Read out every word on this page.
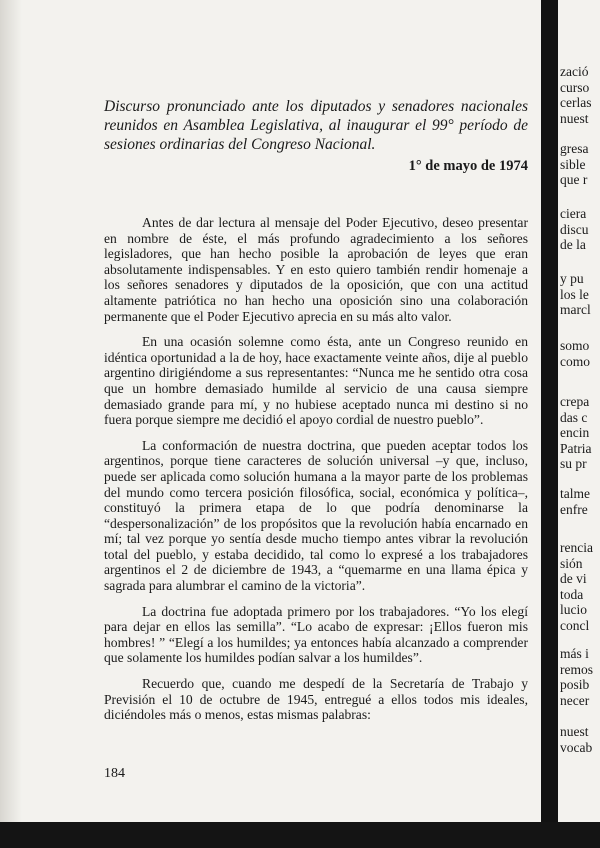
Discurso pronunciado ante los diputados y senadores nacionales reunidos en Asamblea Legislativa, al inaugurar el 99° período de sesiones ordinarias del Congreso Nacional.

1° de mayo de 1974

Antes de dar lectura al mensaje del Poder Ejecutivo, deseo presentar en nombre de éste, el más profundo agradecimiento a los señores legisladores, que han hecho posible la aprobación de leyes que eran absolutamente indispensables. Y en esto quiero también rendir homenaje a los señores senadores y diputados de la oposición, que con una actitud altamente patriótica no han hecho una oposición sino una colaboración permanente que el Poder Ejecutivo aprecia en su más alto valor.

En una ocasión solemne como ésta, ante un Congreso reunido en idéntica oportunidad a la de hoy, hace exactamente veinte años, dije al pueblo argentino dirigiéndome a sus representantes: “Nunca me he sentido otra cosa que un hombre demasiado humilde al servicio de una causa siempre demasiado grande para mí, y no hubiese aceptado nunca mi destino si no fuera porque siempre me decidió el apoyo cordial de nuestro pueblo”.

La conformación de nuestra doctrina, que pueden aceptar todos los argentinos, porque tiene caracteres de solución universal –y que, incluso, puede ser aplicada como solución humana a la mayor parte de los problemas del mundo como tercera posición filosófica, social, económica y política–, constituyó la primera etapa de lo que podría denominarse la “despersonalización” de los propósitos que la revolución había encarnado en mí; tal vez porque yo sentía desde mucho tiempo antes vibrar la revolución total del pueblo, y estaba decidido, tal como lo expresé a los trabajadores argentinos el 2 de diciembre de 1943, a “quemarme en una llama épica y sagrada para alumbrar el camino de la victoria”.

La doctrina fue adoptada primero por los trabajadores. “Yo los elegí para dejar en ellos las semilla”. “Lo acabo de expresar: ¡Ellos fueron mis hombres! ” “Elegí a los humildes; ya entonces había alcanzado a comprender que solamente los humildes podían salvar a los humildes”.

Recuerdo que, cuando me despedí de la Secretaría de Trabajo y Previsión el 10 de octubre de 1945, entregué a ellos todos mis ideales, diciéndoles más o menos, estas mismas palabras:

184
zació
curso
cerlas
nuest
gresa
sible
que r
ciera
discu
de la
y pu
los le
marcl
somo
como
crepa
das c
encin
Patria
su pr
talme
enfre
rencia
sión
de vi
toda
lucio
concl
más i
remos
posib
necer
nuest
vocab
